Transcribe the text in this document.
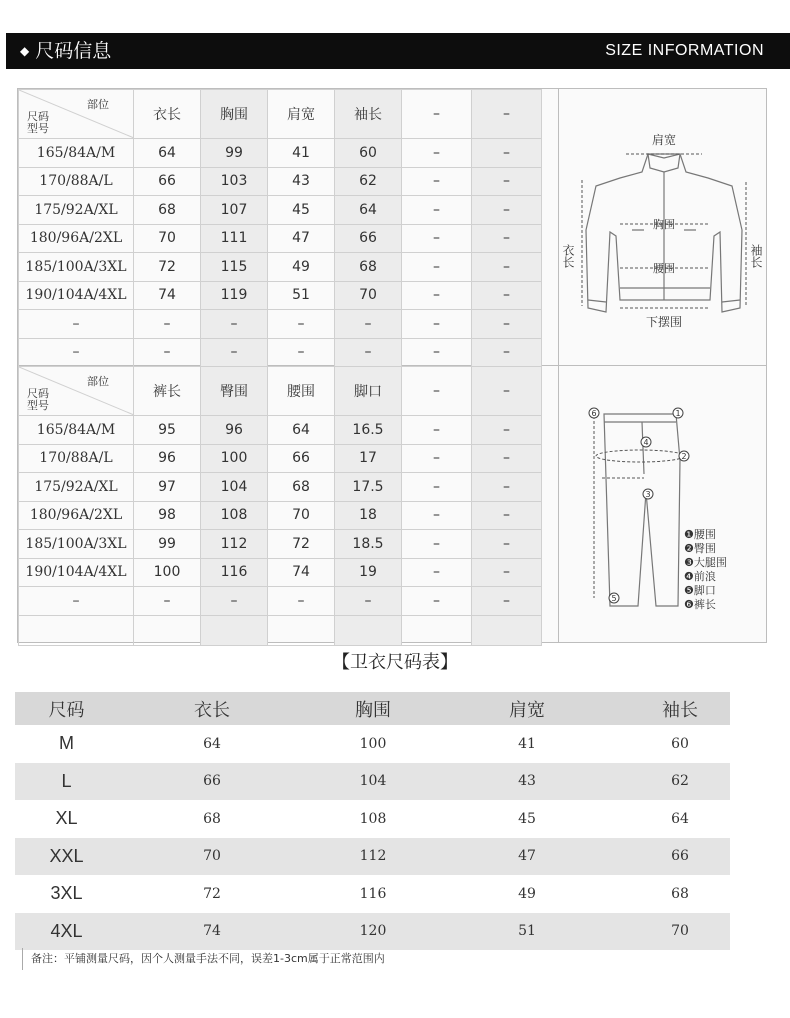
◆ 尺码信息	SIZE INFORMATION
部位
尺码
型号	衣长	胸围	肩宽	袖长	–	–
165/84A/M	64	99	41	60	–	–
170/88A/L	66	103	43	62	–	–
175/92A/XL	68	107	45	64	–	–
180/96A/2XL	70	111	47	66	–	–
185/100A/3XL	72	115	49	68	–	–
190/104A/4XL	74	119	51	70	–	–
–	–	–	–	–	–	–
–	–	–	–	–	–	–
部位
尺码
型号	裤长	臀围	腰围	脚口	–	–
165/84A/M	95	96	64	16.5	–	–
170/88A/L	96	100	66	17	–	–
175/92A/XL	97	104	68	17.5	–	–
180/96A/2XL	98	108	70	18	–	–
185/100A/3XL	99	112	72	18.5	–	–
190/104A/4XL	100	116	74	19	–	–
–	–	–	–	–	–	–

肩宽
胸围
腰围
下摆围
衣长	袖长
1
2
3
4
5
6
❶腰围
❷臀围
❸大腿围
❹前浪
❺脚口
❻裤长
【卫衣尺码表】
尺码	衣长	胸围	肩宽	袖长
M	64	100	41	60
L	66	104	43	62
XL	68	108	45	64
XXL	70	112	47	66
3XL	72	116	49	68
4XL	74	120	51	70
备注：平铺测量尺码，因个人测量手法不同，误差1-3cm属于正常范围内
